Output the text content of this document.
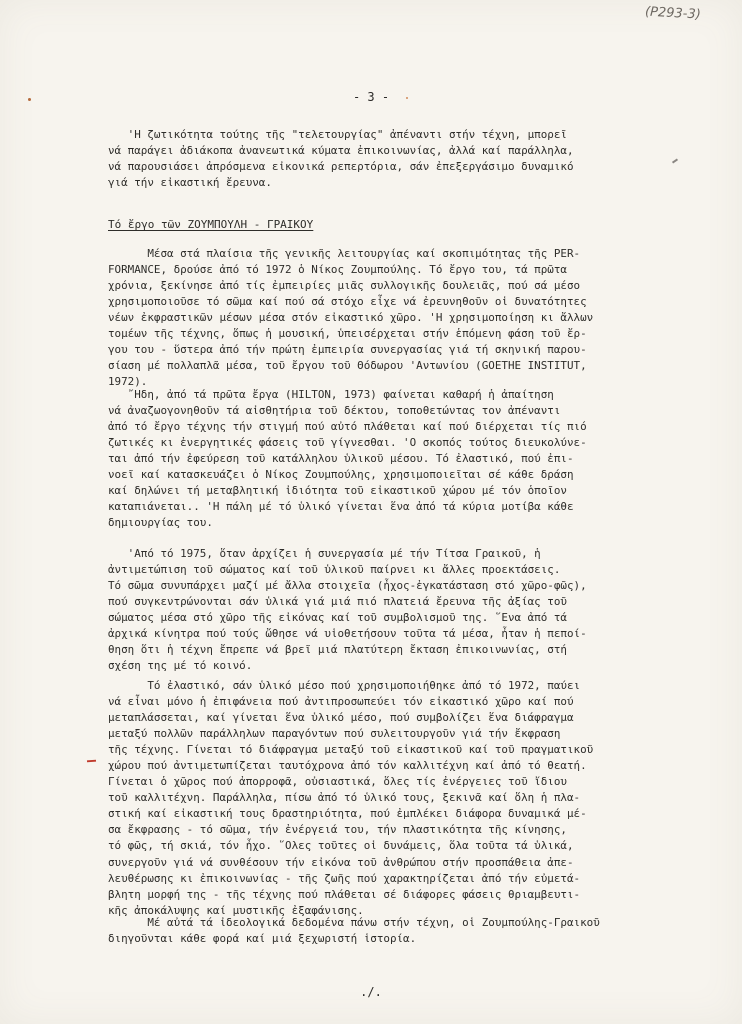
(P293-3)
- 3 -
'Η ζωτικότητα τούτης τῆς "τελετουργίας" ἀπέναντι στήν τέχνη, μπορεῖ
νά παράγει ἀδιάκοπα ἀνανεωτικά κύματα ἐπικοινωνίας, ἀλλά καί παράλληλα,
νά παρουσιάσει ἀπρόσμενα εἰκονικά ρεπερτόρια, σάν ἐπεξεργάσιμο δυναμικό
γιά τήν εἰκαστική ἔρευνα.
Τό ἔργο τῶν ΖΟΥΜΠΟΥΛΗ - ΓΡΑΙΚΟΥ
Μέσα στά πλαίσια τῆς γενικῆς λειτουργίας καί σκοπιμότητας τῆς PER-
FORMANCE, δρούσε ἀπό τό 1972 ὁ Νίκος Ζουμπούλης. Τό ἔργο του, τά πρῶτα
χρόνια, ξεκίνησε ἀπό τίς ἐμπειρίες μιᾶς συλλογικῆς δουλειᾶς, πού σά μέσο
χρησιμοποιοῦσε τό σῶμα καί πού σά στόχο εἶχε νά ἐρευνηθοῦν οἱ δυνατότητες
νέων ἐκφραστικῶν μέσων μέσα στόν εἰκαστικό χῶρο. 'Η χρησιμοποίηση κι ἄλλων
τομέων τῆς τέχνης, ὅπως ἡ μουσική, ὑπεισέρχεται στήν ἑπόμενη φάση τοῦ ἔρ-
γου του - ὕστερα ἀπό τήν πρώτη ἐμπειρία συνεργασίας γιά τή σκηνική παρου-
σίαση μέ πολλαπλᾶ μέσα, τοῦ ἔργου τοῦ Θόδωρου 'Αντωνίου (GOETHE INSTITUT,
1972).
῎Ηδη, ἀπό τά πρῶτα ἔργα (HILTON, 1973) φαίνεται καθαρή ἡ ἀπαίτηση
νά ἀναζωογονηθοῦν τά αἰσθητήρια τοῦ δέκτου, τοποθετώντας τον ἀπέναντι
ἀπό τό ἔργο τέχνης τήν στιγμή πού αὐτό πλάθεται καί πού διέρχεται τίς πιό
ζωτικές κι ἐνεργητικές φάσεις τοῦ γίγνεσθαι. 'Ο σκοπός τούτος διευκολύνε-
ται ἀπό τήν ἐφεύρεση τοῦ κατάλληλου ὑλικοῦ μέσου. Τό ἐλαστικό, πού ἐπι-
νοεῖ καί κατασκευάζει ὁ Νίκος Ζουμπούλης, χρησιμοποιεῖται σέ κάθε δράση
καί δηλώνει τή μεταβλητική ἰδιότητα τοῦ εἰκαστικοῦ χώρου μέ τόν ὁποῖον
καταπιάνεται.. 'Η πάλη μέ τό ὑλικό γίνεται ἕνα ἀπό τά κύρια μοτίβα κάθε
δημιουργίας του.
'Από τό 1975, ὅταν ἀρχίζει ἡ συνεργασία μέ τήν Τίτσα Γραικοῦ, ἡ
ἀντιμετώπιση τοῦ σώματος καί τοῦ ὑλικοῦ παίρνει κι ἄλλες προεκτάσεις.
Τό σῶμα συνυπάρχει μαζί μέ ἄλλα στοιχεῖα (ἦχος-ἐγκατάσταση στό χῶρο-φῶς),
πού συγκεντρώνονται σάν ὑλικά γιά μιά πιό πλατειά ἔρευνα τῆς ἀξίας τοῦ
σώματος μέσα στό χῶρο τῆς εἰκόνας καί τοῦ συμβολισμοῦ της. ῞Ενα ἀπό τά
ἀρχικά κίνητρα πού τούς ὤθησε νά υἱοθετήσουν τοῦτα τά μέσα, ἦταν ἡ πεποί-
θηση ὅτι ἡ τέχνη ἔπρεπε νά βρεῖ μιά πλατύτερη ἔκταση ἐπικοινωνίας, στή
σχέση της μέ τό κοινό.
Τό ἐλαστικό, σάν ὑλικό μέσο πού χρησιμοποιήθηκε ἀπό τό 1972, παύει
νά εἶναι μόνο ἡ ἐπιφάνεια πού ἀντιπροσωπεύει τόν εἰκαστικό χῶρο καί πού
μεταπλάσσεται, καί γίνεται ἕνα ὑλικό μέσο, πού συμβολίζει ἕνα διάφραγμα
μεταξύ πολλῶν παράλληλων παραγόντων πού συλειτουργοῦν γιά τήν ἔκφραση
τῆς τέχνης. Γίνεται τό διάφραγμα μεταξύ τοῦ εἰκαστικοῦ καί τοῦ πραγματικοῦ
χώρου πού ἀντιμετωπίζεται ταυτόχρονα ἀπό τόν καλλιτέχνη καί ἀπό τό θεατή.
Γίνεται ὁ χῶρος πού ἀπορροφᾶ, οὐσιαστικά, ὅλες τίς ἐνέργειες τοῦ ἴδιου
τοῦ καλλιτέχνη. Παράλληλα, πίσω ἀπό τό ὑλικό τους, ξεκινᾶ καί ὅλη ἡ πλα-
στική καί εἰκαστική τους δραστηριότητα, πού ἐμπλέκει διάφορα δυναμικά μέ-
σα ἔκφρασης - τό σῶμα, τήν ἐνέργειά του, τήν πλαστικότητα τῆς κίνησης,
τό φῶς, τή σκιά, τόν ἦχο. ῞Ολες τοῦτες οἱ δυνάμεις, ὅλα τοῦτα τά ὑλικά,
συνεργοῦν γιά νά συνθέσουν τήν εἰκόνα τοῦ ἀνθρώπου στήν προσπάθεια ἀπε-
λευθέρωσης κι ἐπικοινωνίας - τῆς ζωῆς πού χαρακτηρίζεται ἀπό τήν εὐμετά-
βλητη μορφή της - τῆς τέχνης πού πλάθεται σέ διάφορες φάσεις θριαμβευτι-
κῆς ἀποκάλυψης καί μυστικῆς ἐξαφάνισης.
Μέ αὐτά τά ἰδεολογικά δεδομένα πάνω στήν τέχνη, οἱ Ζουμπούλης-Γραικοῦ
διηγοῦνται κάθε φορά καί μιά ξεχωριστή ἱστορία.
./.
